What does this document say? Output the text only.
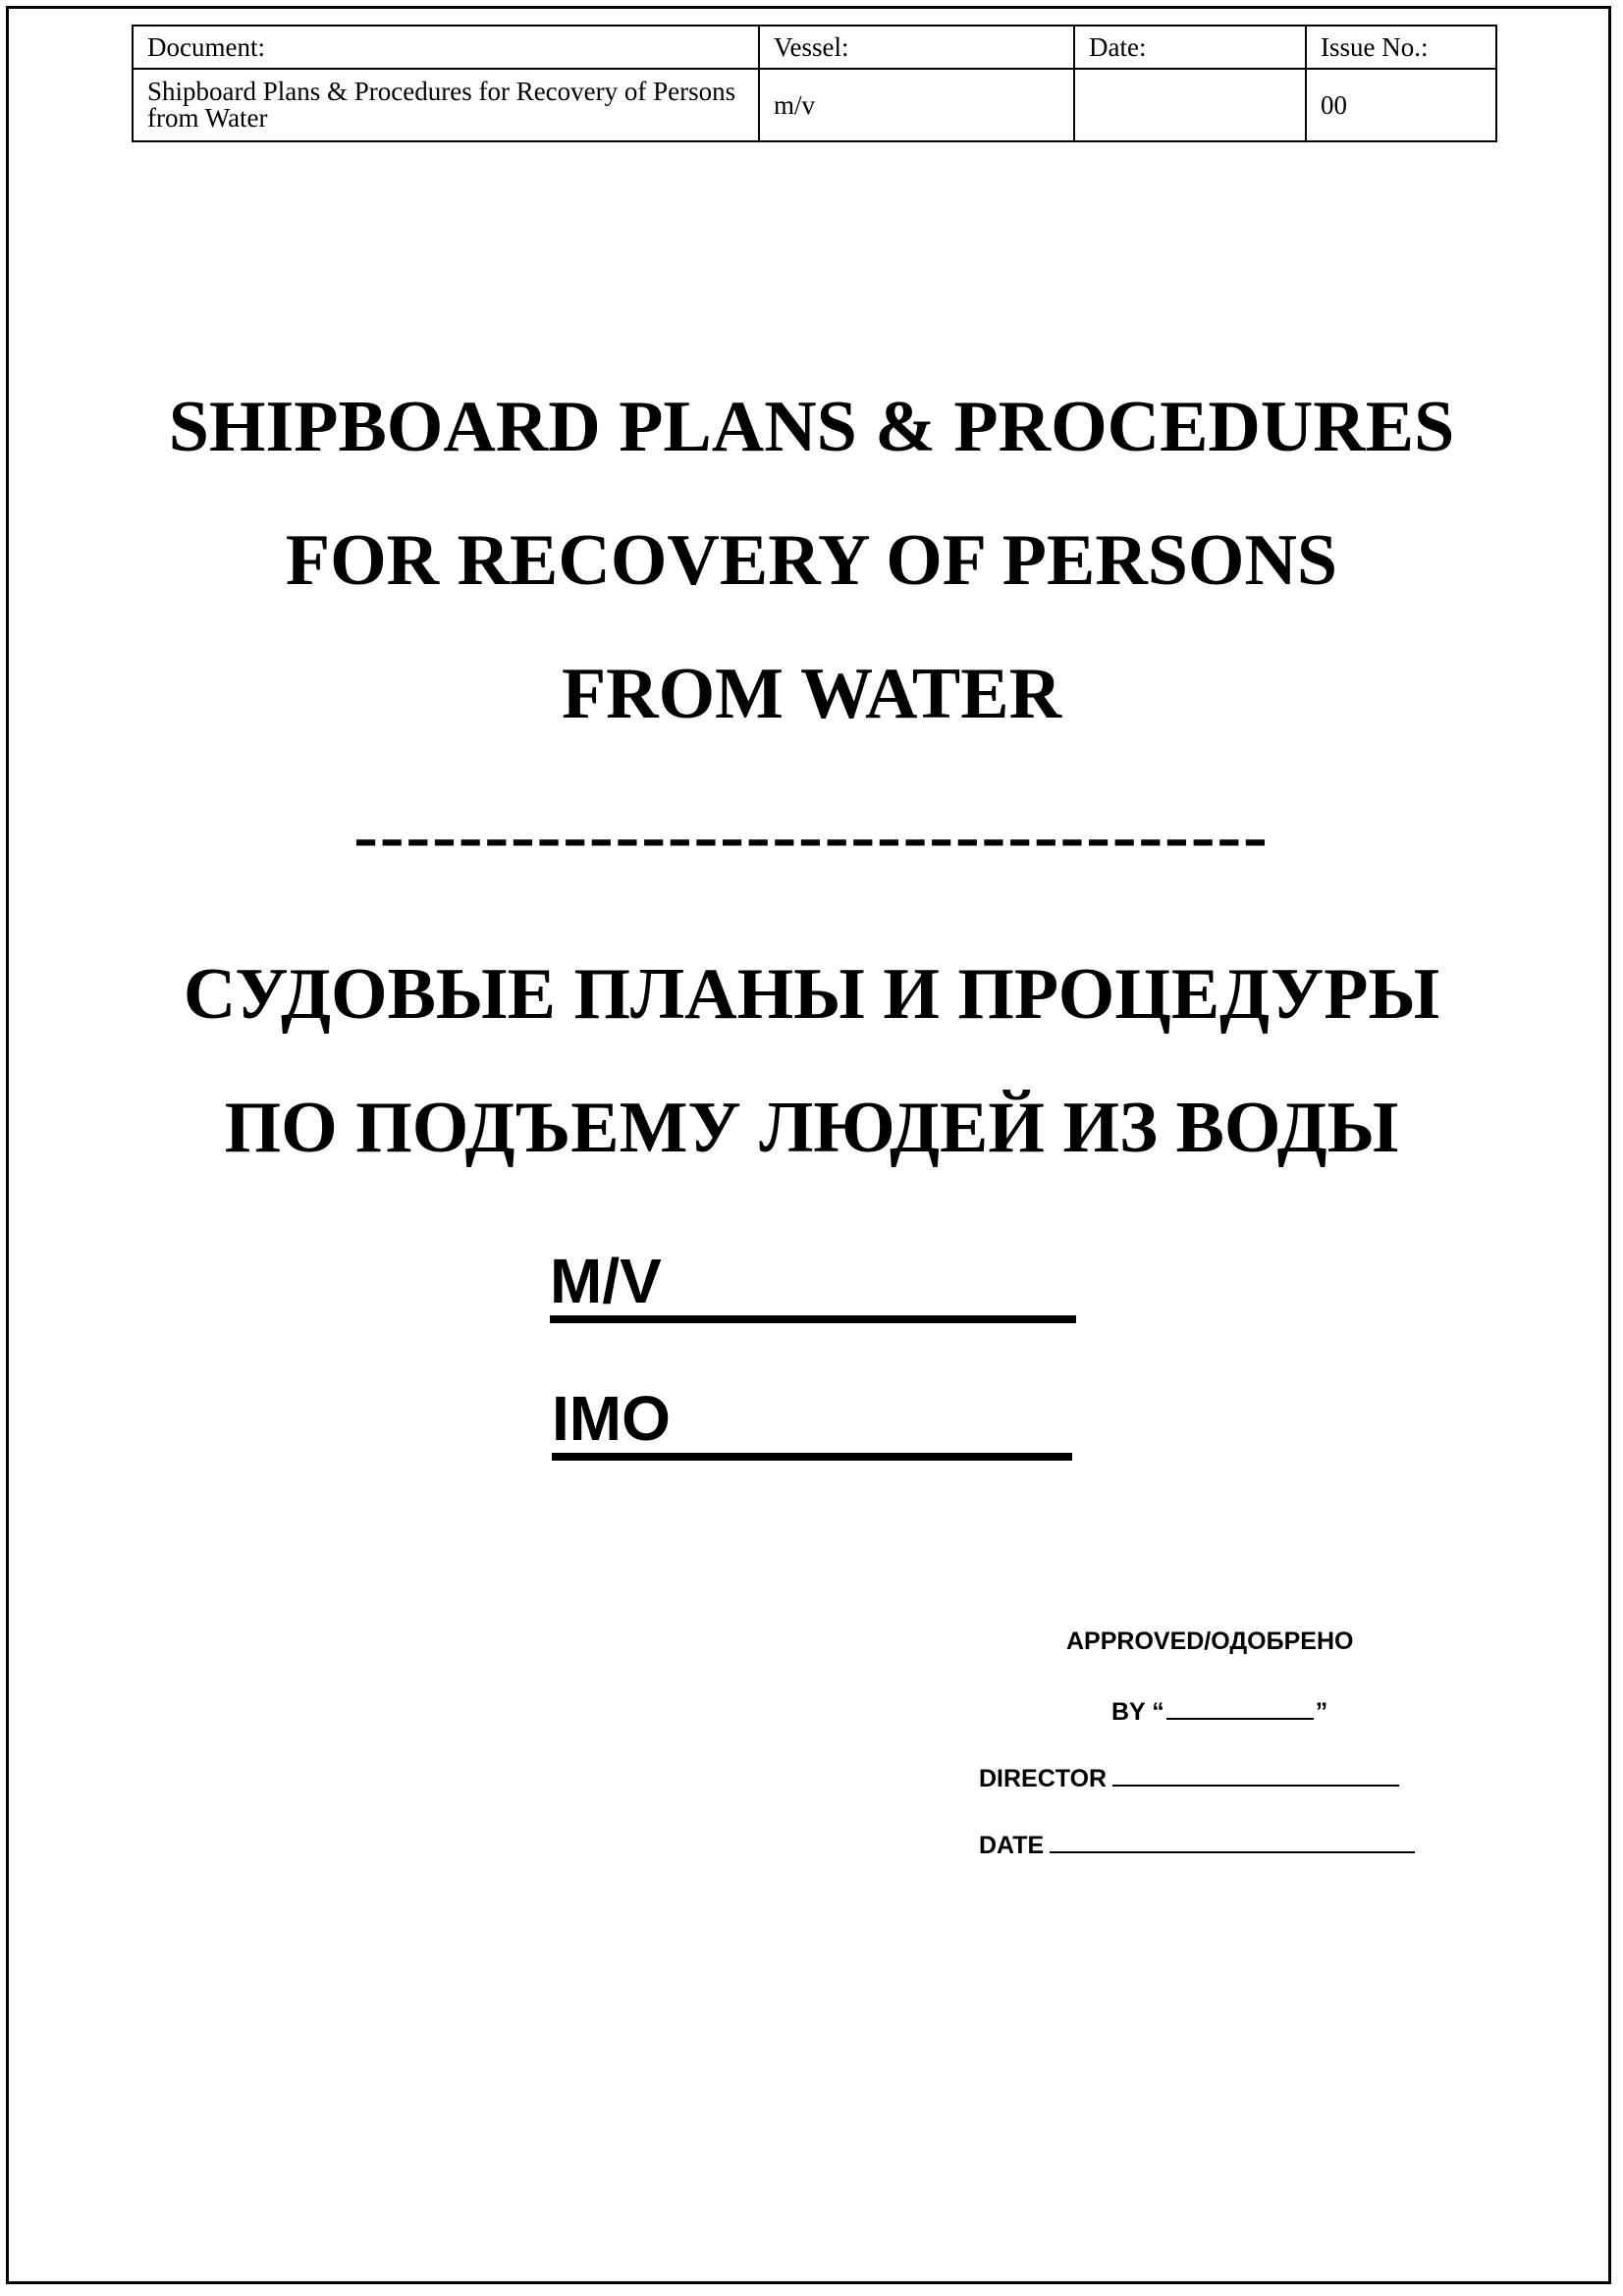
Document:	Vessel:	Date:	Issue No.:
Shipboard Plans & Procedures for Recovery of Persons from Water	m/v		00
SHIPBOARD PLANS & PROCEDURES
FOR RECOVERY OF PERSONS
FROM WATER
-----------------------------------
СУДОВЫЕ ПЛАНЫ И ПРОЦЕДУРЫ
ПО ПОДЪЕМУ ЛЮДЕЙ ИЗ ВОДЫ
M/V
IMO
APPROVED/ОДОБРЕНО
BY “	”
DIRECTOR
DATE
